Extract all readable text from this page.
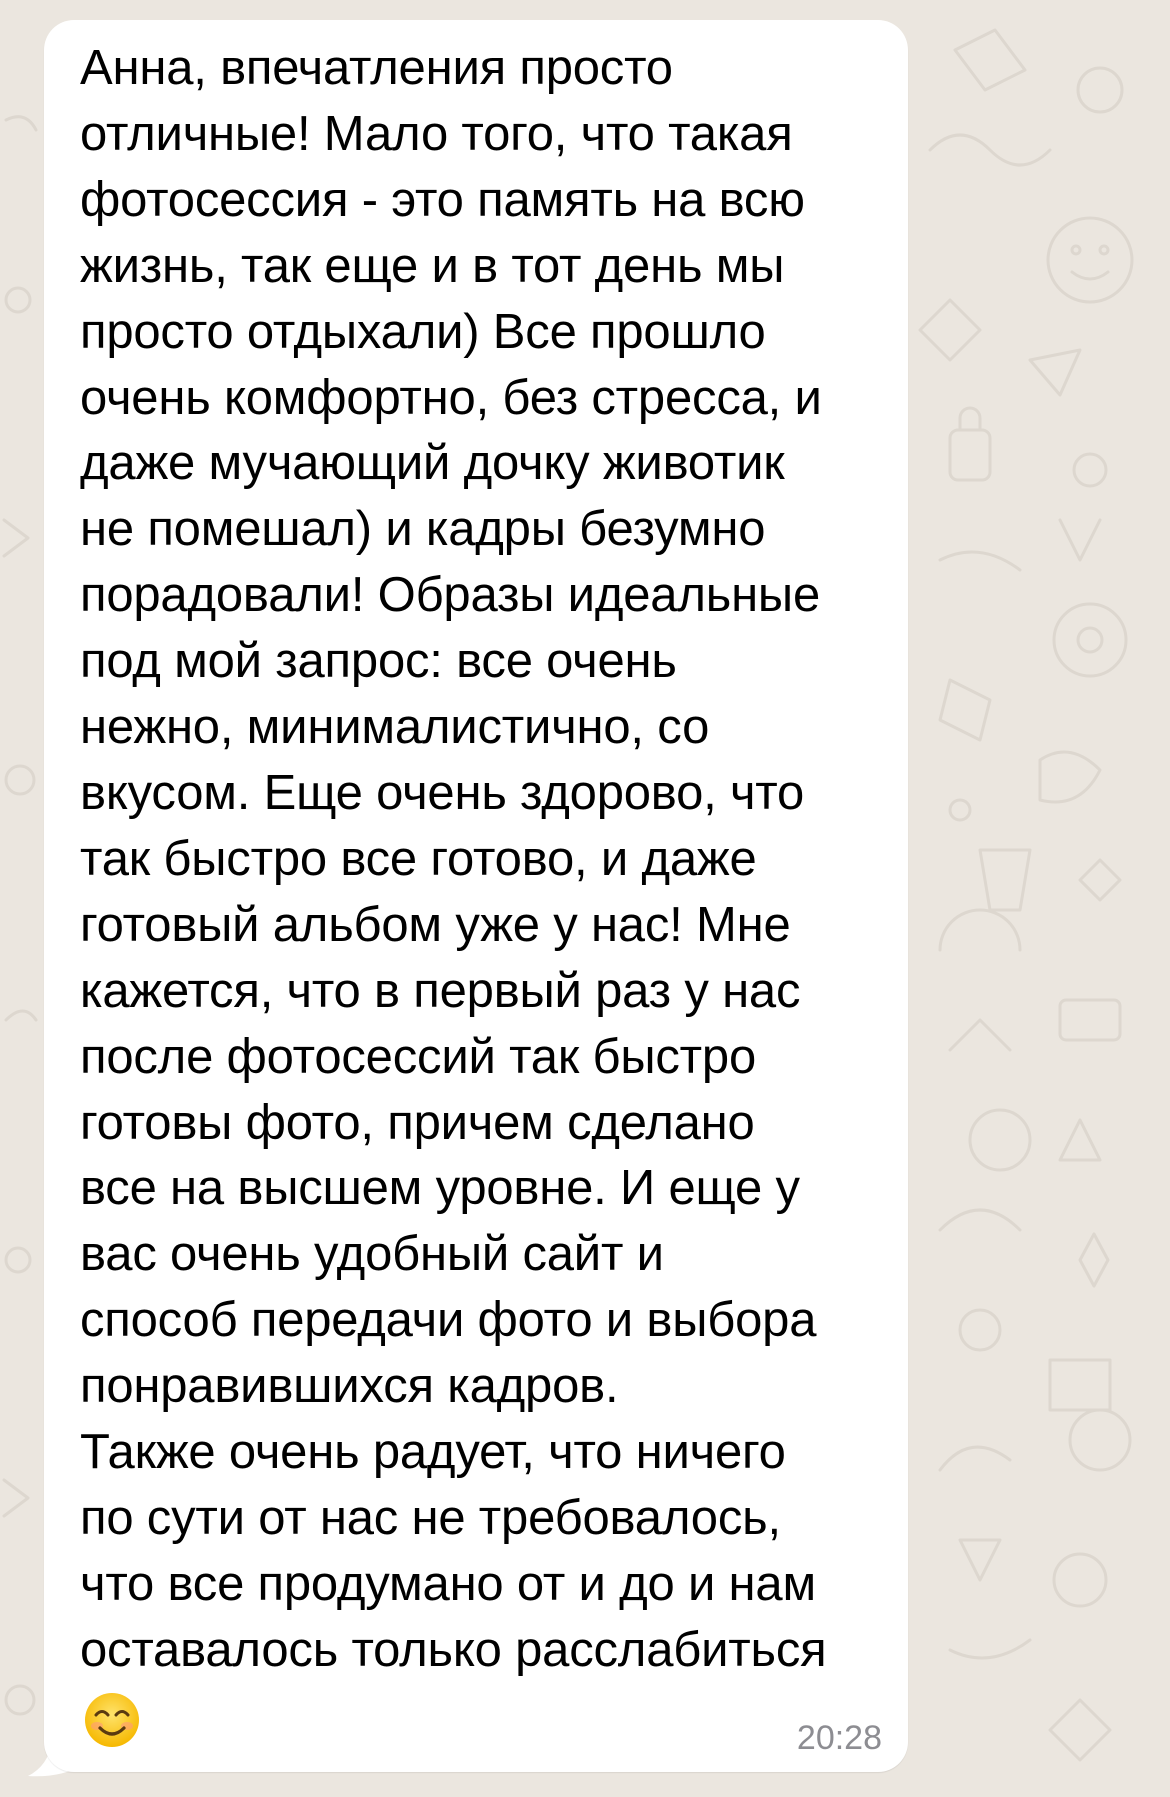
Анна, впечатления просто
отличные! Мало того, что такая
фотосессия - это память на всю
жизнь, так еще и в тот день мы
просто отдыхали) Все прошло
очень комфортно, без стресса, и
даже мучающий дочку животик
не помешал) и кадры безумно
порадовали! Образы идеальные
под мой запрос: все очень
нежно, минималистично, со
вкусом. Еще очень здорово, что
так быстро все готово, и даже
готовый альбом уже у нас! Мне
кажется, что в первый раз у нас
после фотосессий так быстро
готовы фото, причем сделано
все на высшем уровне. И еще у
вас очень удобный сайт и
способ передачи фото и выбора
понравившихся кадров.
Также очень радует, что ничего
по сути от нас не требовалось,
что все продумано от и до и нам
оставалось только расслабиться

20:28
